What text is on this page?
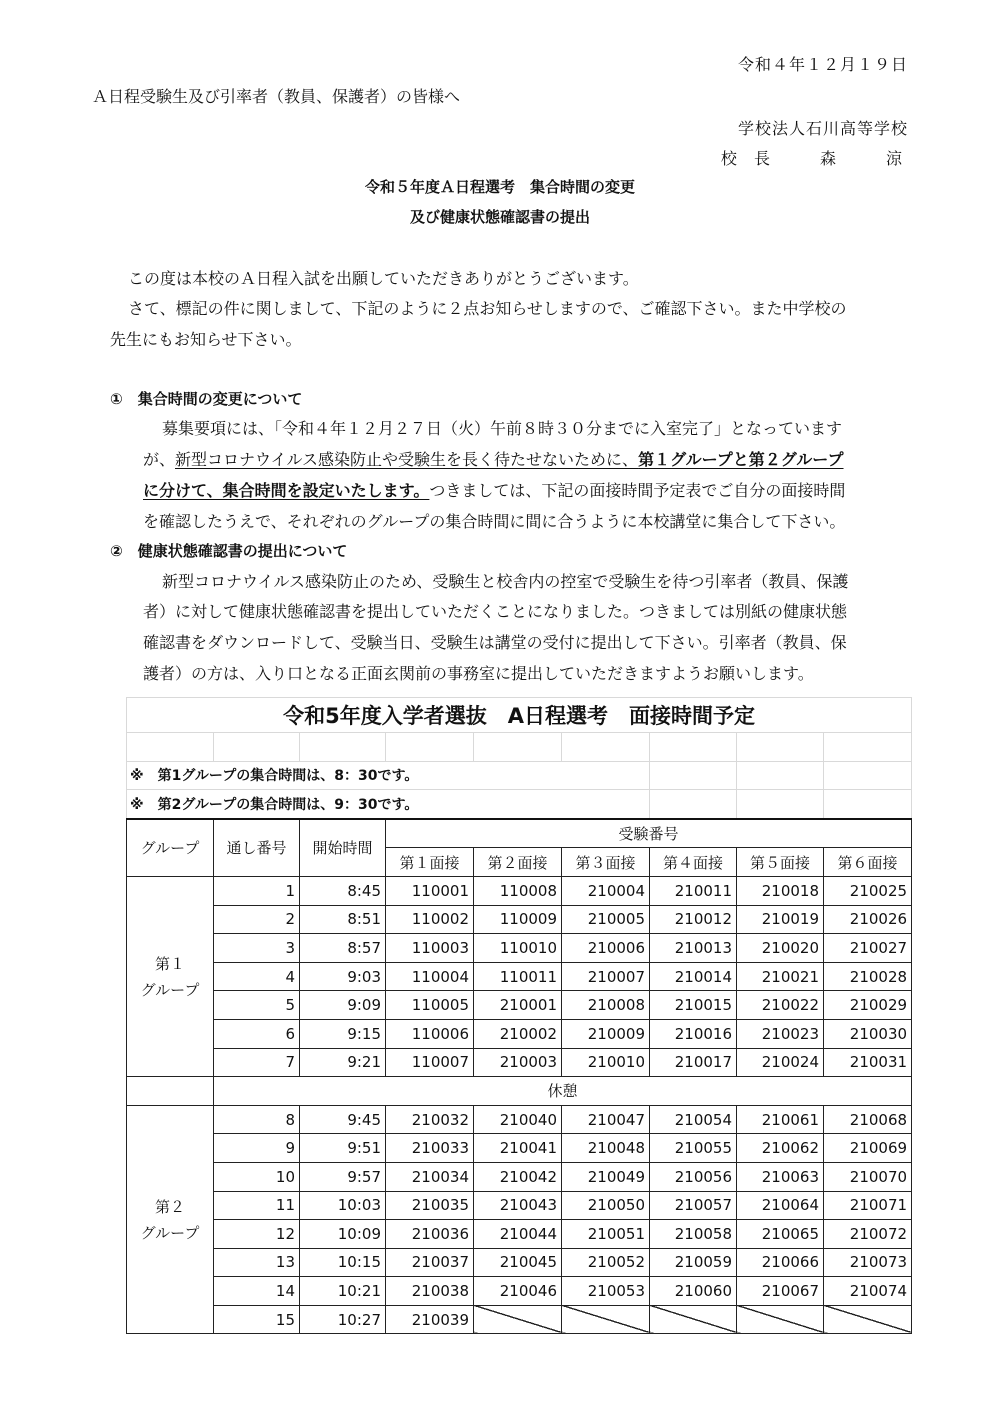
令和４年１２月１９日
Ａ日程受験生及び引率者（教員、保護者）の皆様へ
学校法人石川高等学校
校 長　　森　　涼
令和５年度Ａ日程選考　集合時間の変更
及び健康状態確認書の提出
この度は本校のＡ日程入試を出願していただきありがとうございます。
さて、標記の件に関しまして、下記のように２点お知らせしますので、ご確認下さい。また中学校の
先生にもお知らせ下さい。
①　集合時間の変更について
募集要項には、「令和４年１２月２７日（火）午前８時３０分までに入室完了」となっています
が、新型コロナウイルス感染防止や受験生を長く待たせないために、第１グループと第２グループ
に分けて、集合時間を設定いたします。つきましては、下記の面接時間予定表でご自分の面接時間
を確認したうえで、それぞれのグループの集合時間に間に合うように本校講堂に集合して下さい。
②　健康状態確認書の提出について
新型コロナウイルス感染防止のため、受験生と校舎内の控室で受験生を待つ引率者（教員、保護
者）に対して健康状態確認書を提出していただくことになりました。つきましては別紙の健康状態
確認書をダウンロードして、受験当日、受験生は講堂の受付に提出して下さい。引率者（教員、保
護者）の方は、入り口となる正面玄関前の事務室に提出していただきますようお願いします。
令和5年度入学者選抜　A日程選考　面接時間予定								

※　第1グループの集合時間は、8：30です。								
※　第2グループの集合時間は、9：30です。								
グループ	通し番号	開始時間	受験番号					
			第１面接	第２面接	第３面接	第４面接	第５面接	第６面接
第１
グループ	1	8:45	110001	110008	210004	210011	210018	210025
	2	8:51	110002	110009	210005	210012	210019	210026
	3	8:57	110003	110010	210006	210013	210020	210027
	4	9:03	110004	110011	210007	210014	210021	210028
	5	9:09	110005	210001	210008	210015	210022	210029
	6	9:15	110006	210002	210009	210016	210023	210030
	7	9:21	110007	210003	210010	210017	210024	210031
	休憩							
第２
グループ	8	9:45	210032	210040	210047	210054	210061	210068
	9	9:51	210033	210041	210048	210055	210062	210069
	10	9:57	210034	210042	210049	210056	210063	210070
	11	10:03	210035	210043	210050	210057	210064	210071
	12	10:09	210036	210044	210051	210058	210065	210072
	13	10:15	210037	210045	210052	210059	210066	210073
	14	10:21	210038	210046	210053	210060	210067	210074
	15	10:27	210039					
